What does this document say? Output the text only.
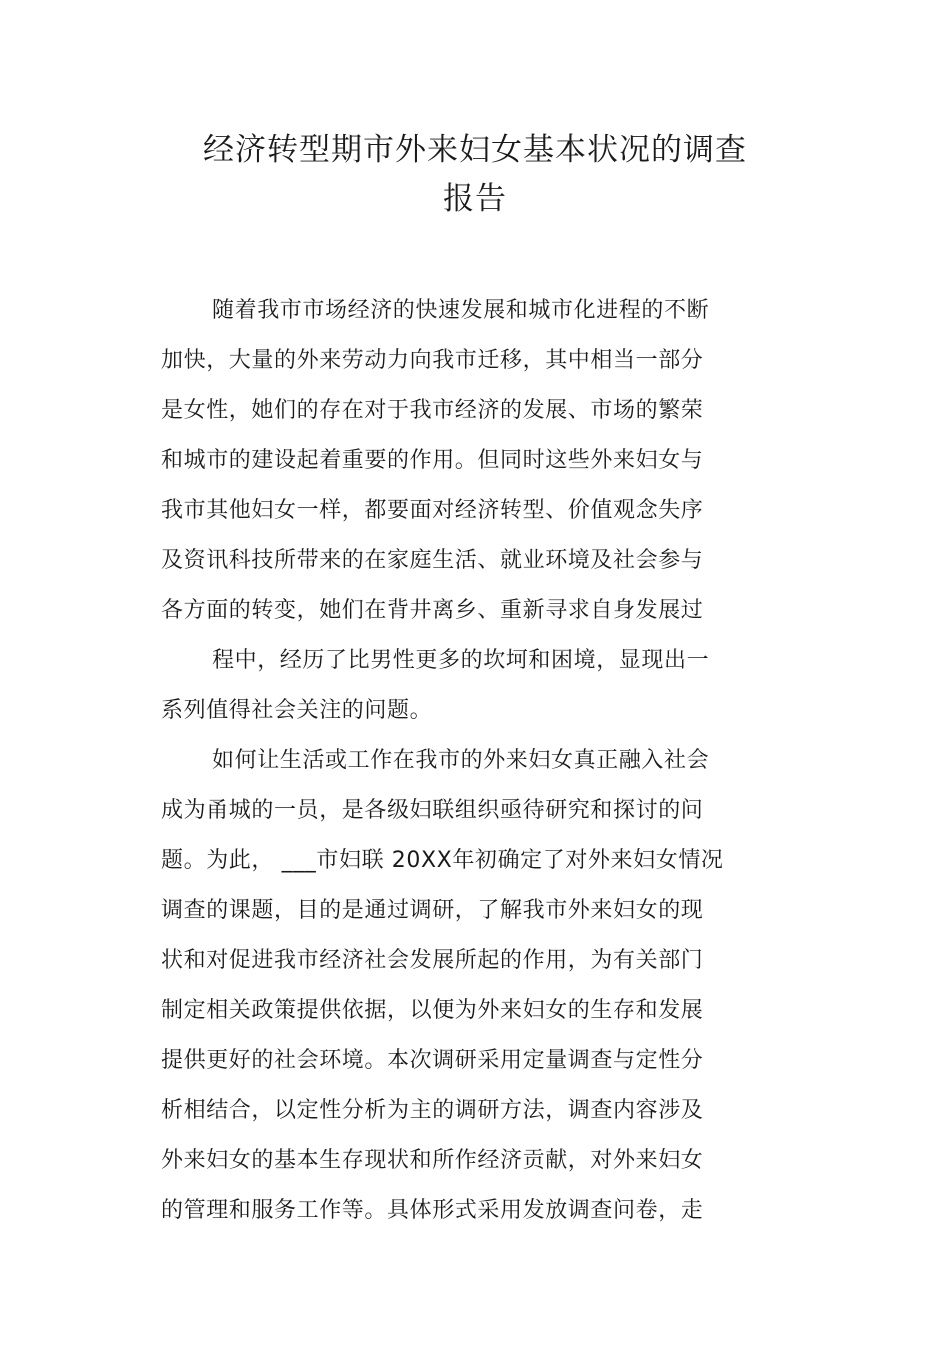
经济转型期市外来妇女基本状况的调查
报告
随着我市市场经济的快速发展和城市化进程的不断
加快，大量的外来劳动力向我市迁移，其中相当一部分
是女性，她们的存在对于我市经济的发展、市场的繁荣
和城市的建设起着重要的作用。但同时这些外来妇女与
我市其他妇女一样，都要面对经济转型、价值观念失序
及资讯科技所带来的在家庭生活、就业环境及社会参与
各方面的转变，她们在背井离乡、重新寻求自身发展过
程中，经历了比男性更多的坎坷和困境，显现出一
系列值得社会关注的问题。
如何让生活或工作在我市的外来妇女真正融入社会
成为甬城的一员，是各级妇联组织亟待研究和探讨的问
题。为此， ___市妇联 20XX年初确定了对外来妇女情况
调查的课题，目的是通过调研，了解我市外来妇女的现
状和对促进我市经济社会发展所起的作用，为有关部门
制定相关政策提供依据，以便为外来妇女的生存和发展
提供更好的社会环境。本次调研采用定量调查与定性分
析相结合，以定性分析为主的调研方法，调查内容涉及
外来妇女的基本生存现状和所作经济贡献，对外来妇女
的管理和服务工作等。具体形式采用发放调查问卷，走
